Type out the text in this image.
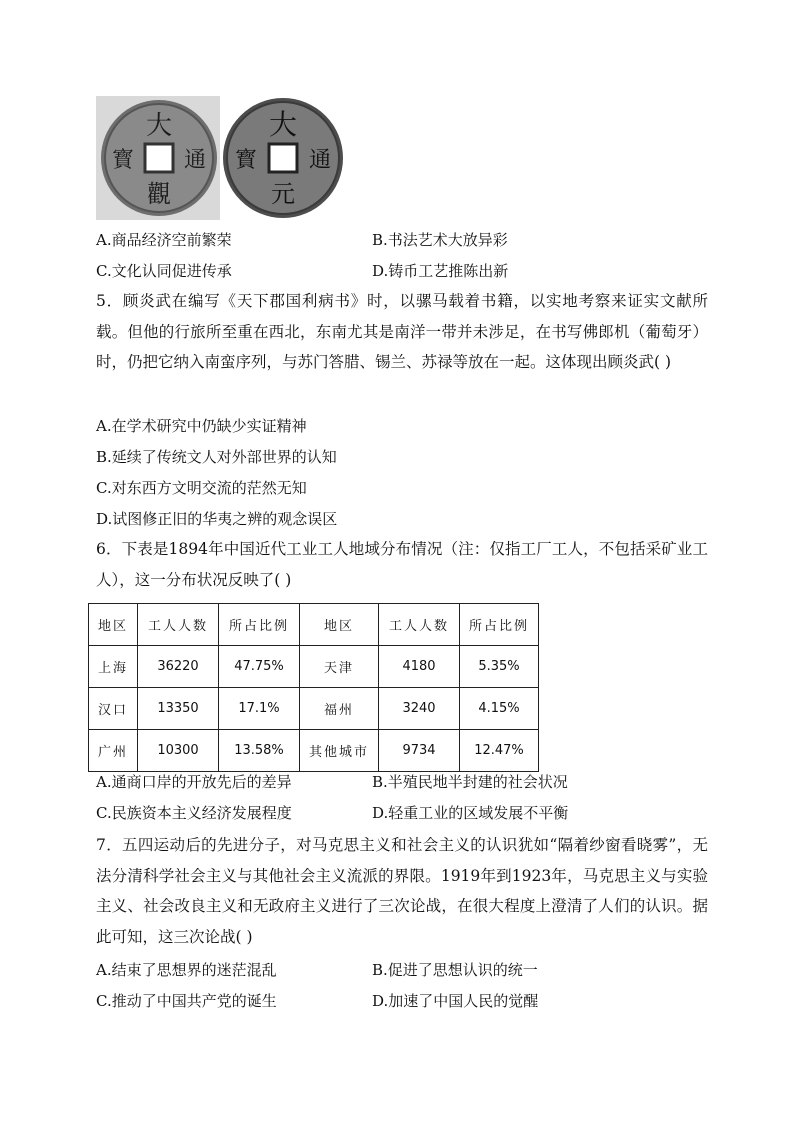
大
觀
寳 通
大
元
寳 通
A.商品经济空前繁荣	B.书法艺术大放异彩
C.文化认同促进传承	D.铸币工艺推陈出新
5．顾炎武在编写《天下郡国利病书》时，以骡马载着书籍，以实地考察来证实文献所载。但他的行旅所至重在西北，东南尤其是南洋一带并未涉足，在书写佛郎机（葡萄牙）时，仍把它纳入南蛮序列，与苏门答腊、锡兰、苏禄等放在一起。这体现出顾炎武( )
A.在学术研究中仍缺少实证精神
B.延续了传统文人对外部世界的认知
C.对东西方文明交流的茫然无知
D.试图修正旧的华夷之辨的观念误区
6．下表是1894年中国近代工业工人地域分布情况（注：仅指工厂工人，不包括采矿业工人），这一分布状况反映了( )
地区	工人人数	所占比例	地区	工人人数	所占比例
上海	36220	47.75%	天津	4180	5.35%
汉口	13350	17.1%	福州	3240	4.15%
广州	10300	13.58%	其他城市	9734	12.47%
A.通商口岸的开放先后的差异	B.半殖民地半封建的社会状况
C.民族资本主义经济发展程度	D.轻重工业的区域发展不平衡
7．五四运动后的先进分子，对马克思主义和社会主义的认识犹如“隔着纱窗看晓雾”，无法分清科学社会主义与其他社会主义流派的界限。1919年到1923年，马克思主义与实验主义、社会改良主义和无政府主义进行了三次论战，在很大程度上澄清了人们的认识。据此可知，这三次论战( )
A.结束了思想界的迷茫混乱	B.促进了思想认识的统一
C.推动了中国共产党的诞生	D.加速了中国人民的觉醒
